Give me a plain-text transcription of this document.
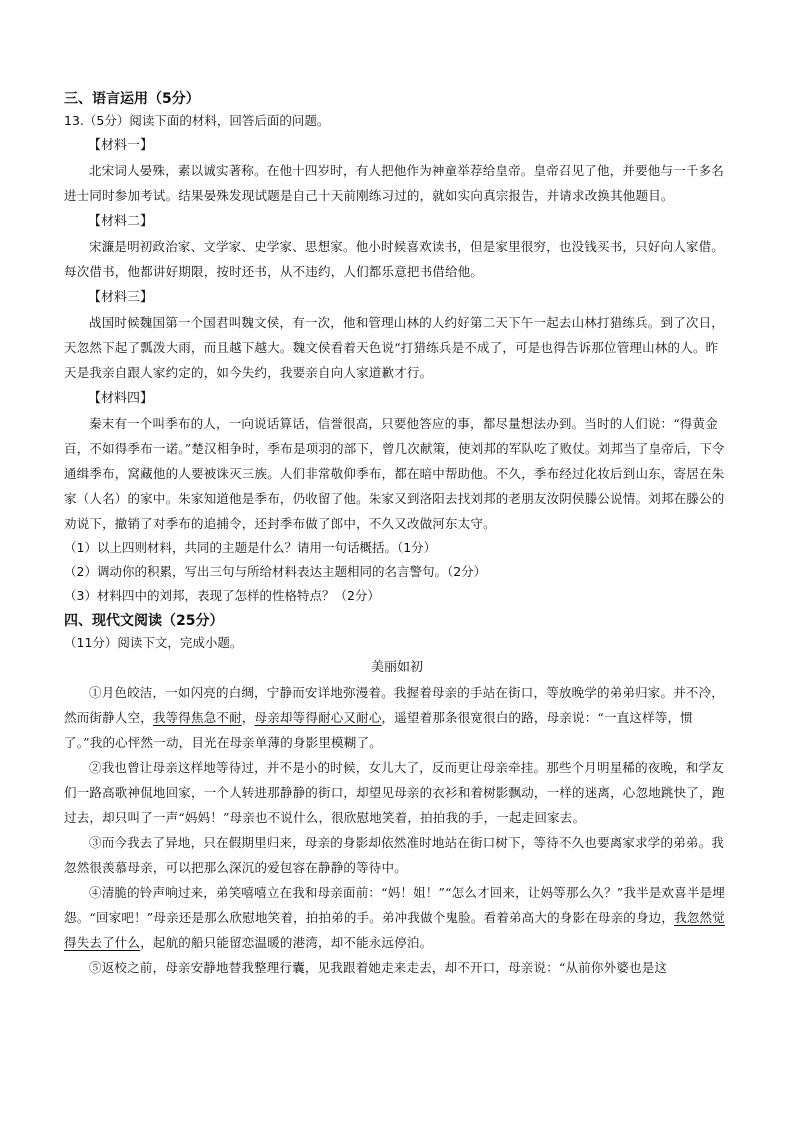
三、语言运用（5分）
13.（5分）阅读下面的材料，回答后面的问题。
【材料一】

北宋词人晏殊，素以诚实著称。在他十四岁时，有人把他作为神童举荐给皇帝。皇帝召见了他，并要他与一千多名进士同时参加考试。结果晏殊发现试题是自己十天前刚练习过的，就如实向真宗报告，并请求改换其他题目。

【材料二】

宋濂是明初政治家、文学家、史学家、思想家。他小时候喜欢读书，但是家里很穷，也没钱买书，只好向人家借。每次借书，他都讲好期限，按时还书，从不违约，人们都乐意把书借给他。

【材料三】

战国时候魏国第一个国君叫魏文侯，有一次，他和管理山林的人约好第二天下午一起去山林打猎练兵。到了次日，天忽然下起了瓢泼大雨，而且越下越大。魏文侯看着天色说“打猎练兵是不成了，可是也得告诉那位管理山林的人。昨天是我亲自跟人家约定的，如今失约，我要亲自向人家道歉才行。

【材料四】

秦末有一个叫季布的人，一向说话算话，信誉很高，只要他答应的事，都尽量想法办到。当时的人们说：“得黄金百，不如得季布一诺。”楚汉相争时，季布是项羽的部下，曾几次献策，使刘邦的军队吃了败仗。刘邦当了皇帝后，下令通缉季布，窝藏他的人要被诛灭三族。人们非常敬仰季布，都在暗中帮助他。不久，季布经过化妆后到山东，寄居在朱家（人名）的家中。朱家知道他是季布，仍收留了他。朱家又到洛阳去找刘邦的老朋友汝阴侯滕公说情。刘邦在滕公的劝说下，撤销了对季布的追捕令，还封季布做了郎中，不久又改做河东太守。

（1）以上四则材料，共同的主题是什么？请用一句话概括。（1分）
（2）调动你的积累，写出三句与所给材料表达主题相同的名言警句。（2分）
（3）材料四中的刘邦，表现了怎样的性格特点？（2分）
四、现代文阅读（25分）
（11分）阅读下文，完成小题。
美丽如初

①月色皎洁，一如闪亮的白绸，宁静而安详地弥漫着。我握着母亲的手站在街口，等放晚学的弟弟归家。并不冷，然而街静人空，我等得焦急不耐，母亲却等得耐心又耐心，遥望着那条很宽很白的路，母亲说：“一直这样等，惯了。”我的心怦然一动，目光在母亲单薄的身影里模糊了。

②我也曾让母亲这样地等待过，并不是小的时候，女儿大了，反而更让母亲牵挂。那些个月明星稀的夜晚，和学友们一路高歌神侃地回家，一个人转进那静静的街口，却望见母亲的衣衫和着树影飘动，一样的迷离，心忽地跳快了，跑过去，却只叫了一声“妈妈！”母亲也不说什么，很欣慰地笑着，拍拍我的手，一起走回家去。

③而今我去了异地，只在假期里归来，母亲的身影却依然准时地站在街口树下，等待不久也要离家求学的弟弟。我忽然很羡慕母亲，可以把那么深沉的爱包容在静静的等待中。

④清脆的铃声响过来，弟笑嘻嘻立在我和母亲面前：“妈！姐！”“怎么才回来，让妈等那么久？”我半是欢喜半是埋怨。“回家吧！”母亲还是那么欣慰地笑着，拍拍弟的手。弟冲我做个鬼脸。看着弟高大的身影在母亲的身边，我忽然觉得失去了什么，起航的船只能留恋温暖的港湾，却不能永远停泊。

⑤返校之前，母亲安静地替我整理行囊，见我跟着她走来走去，却不开口，母亲说：“从前你外婆也是这
